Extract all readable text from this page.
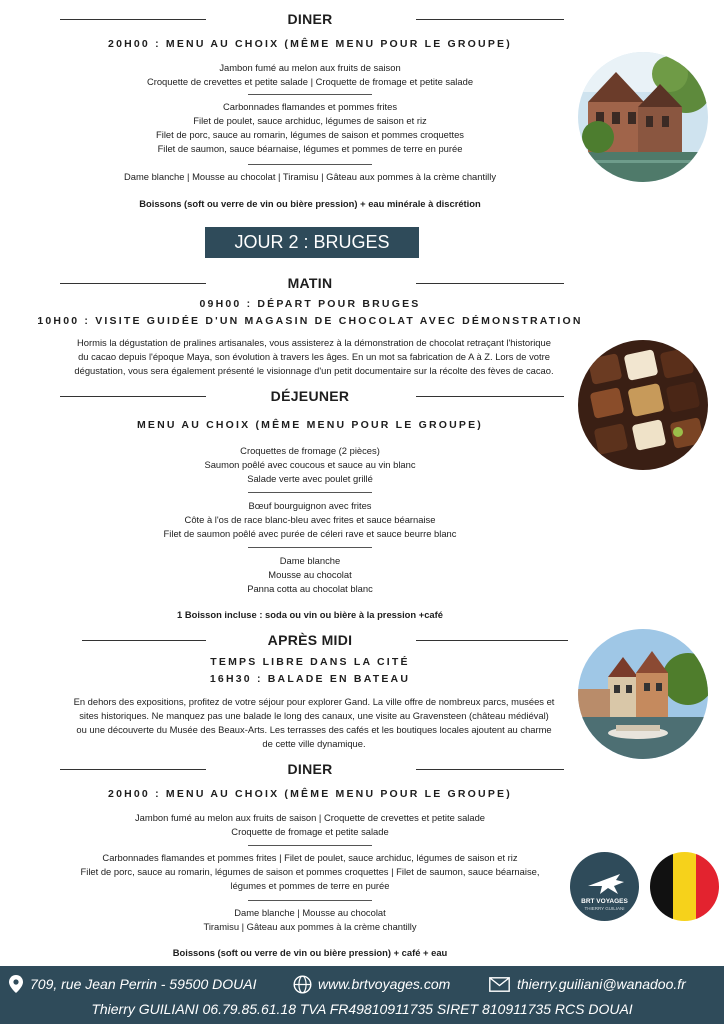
DINER
20H00 : MENU AU CHOIX (MÊME MENU POUR LE GROUPE)
Jambon fumé au melon aux fruits de saison
Croquette de crevettes et petite salade | Croquette de fromage et petite salade
Carbonnades flamandes et pommes frites
Filet de poulet, sauce archiduc, légumes de saison et riz
Filet de porc, sauce au romarin, légumes de saison et pommes croquettes
Filet de saumon, sauce béarnaise, légumes et pommes de terre en purée
Dame blanche | Mousse au chocolat | Tiramisu | Gâteau aux pommes à la crème chantilly
Boissons (soft ou verre de vin ou bière pression) + eau minérale à discrétion
JOUR 2 : BRUGES
MATIN
09H00 : DÉPART POUR BRUGES
10H00 : VISITE GUIDÉE D'UN MAGASIN DE CHOCOLAT AVEC DÉMONSTRATION
Hormis la dégustation de pralines artisanales, vous assisterez à la démonstration de chocolat retraçant l'historique
du cacao depuis l'époque Maya, son évolution à travers les âges. En un mot sa fabrication de A à Z. Lors de votre
dégustation, vous sera également présenté le visionnage d'un petit documentaire sur la récolte des fèves de cacao.
DÉJEUNER
MENU AU CHOIX (MÊME MENU POUR LE GROUPE)
Croquettes de fromage (2 pièces)
Saumon poêlé avec coucous et sauce au vin blanc
Salade verte avec poulet grillé
Bœuf bourguignon avec frites
Côte à l'os de race blanc-bleu avec frites et sauce béarnaise
Filet de saumon poêlé avec purée de céleri rave et sauce beurre blanc
Dame blanche
Mousse au chocolat
Panna cotta au chocolat blanc
1 Boisson incluse : soda ou vin ou bière à la pression +café
APRÈS MIDI
TEMPS LIBRE DANS LA CITÉ
16H30 : BALADE EN BATEAU
En dehors des expositions, profitez de votre séjour pour explorer Gand. La ville offre de nombreux parcs, musées et
sites historiques. Ne manquez pas une balade le long des canaux, une visite au Gravensteen (château médiéval)
ou une découverte du Musée des Beaux-Arts. Les terrasses des cafés et les boutiques locales ajoutent au charme
de cette ville dynamique.
DINER
20H00 : MENU AU CHOIX (MÊME MENU POUR LE GROUPE)
Jambon fumé au melon aux fruits de saison | Croquette de crevettes et petite salade
Croquette de fromage et petite salade
Carbonnades flamandes et pommes frites | Filet de poulet, sauce archiduc, légumes de saison et riz
Filet de porc, sauce au romarin, légumes de saison et pommes croquettes | Filet de saumon, sauce béarnaise,
légumes et pommes de terre en purée
Dame blanche | Mousse au chocolat
Tiramisu | Gâteau aux pommes à la crème chantilly
Boissons (soft ou verre de vin ou bière pression) + café + eau
BRT VOYAGES
THIERRY GUILIANI
709, rue Jean Perrin - 59500 DOUAI	www.brtvoyages.com	thierry.guiliani@wanadoo.fr
Thierry GUILIANI 06.79.85.61.18 TVA FR49810911735 SIRET 810911735 RCS DOUAI
